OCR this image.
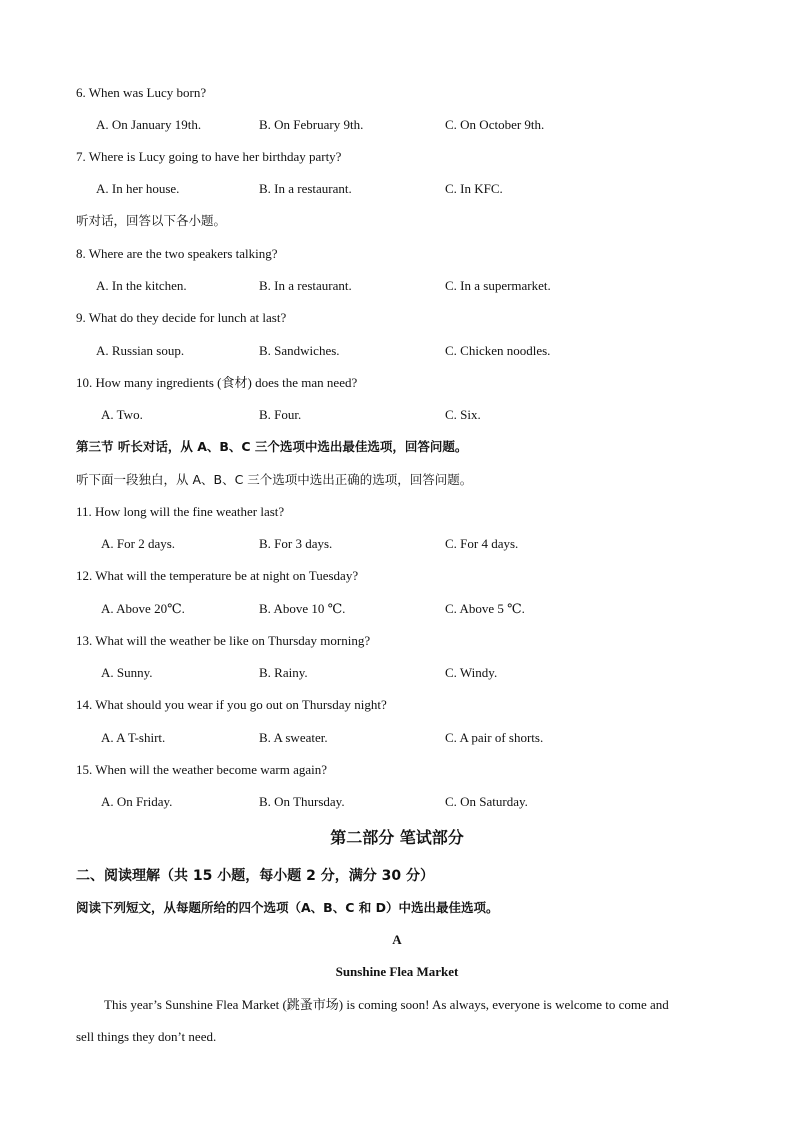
6. When was Lucy born?
A. On January 19th.	B. On February 9th.	C. On October 9th.
7. Where is Lucy going to have her birthday party?
A. In her house.	B. In a restaurant.	C. In KFC.
听对话，回答以下各小题。
8. Where are the two speakers talking?
A. In the kitchen.	B. In a restaurant.	C. In a supermarket.
9. What do they decide for lunch at last?
A. Russian soup.	B. Sandwiches.	C. Chicken noodles.
10. How many ingredients (食材) does the man need?
A. Two.	B. Four.	C. Six.
第三节 听长对话，从 A、B、C 三个选项中选出最佳选项，回答问题。
听下面一段独白，从 A、B、C 三个选项中选出正确的选项，回答问题。
11. How long will the fine weather last?
A. For 2 days.	B. For 3 days.	C. For 4 days.
12. What will the temperature be at night on Tuesday?
A. Above 20℃.	B. Above 10 ℃.	C. Above 5 ℃.
13. What will the weather be like on Thursday morning?
A. Sunny.	B. Rainy.	C. Windy.
14. What should you wear if you go out on Thursday night?
A. A T-shirt.	B. A sweater.	C. A pair of shorts.
15. When will the weather become warm again?
A. On Friday.	B. On Thursday.	C. On Saturday.
第二部分 笔试部分
二、阅读理解（共 15 小题，每小题 2 分，满分 30 分）
阅读下列短文，从每题所给的四个选项（A、B、C 和 D）中选出最佳选项。
A
Sunshine Flea Market
This year’s Sunshine Flea Market (跳蚤市场) is coming soon! As always, everyone is welcome to come and
sell things they don’t need.
